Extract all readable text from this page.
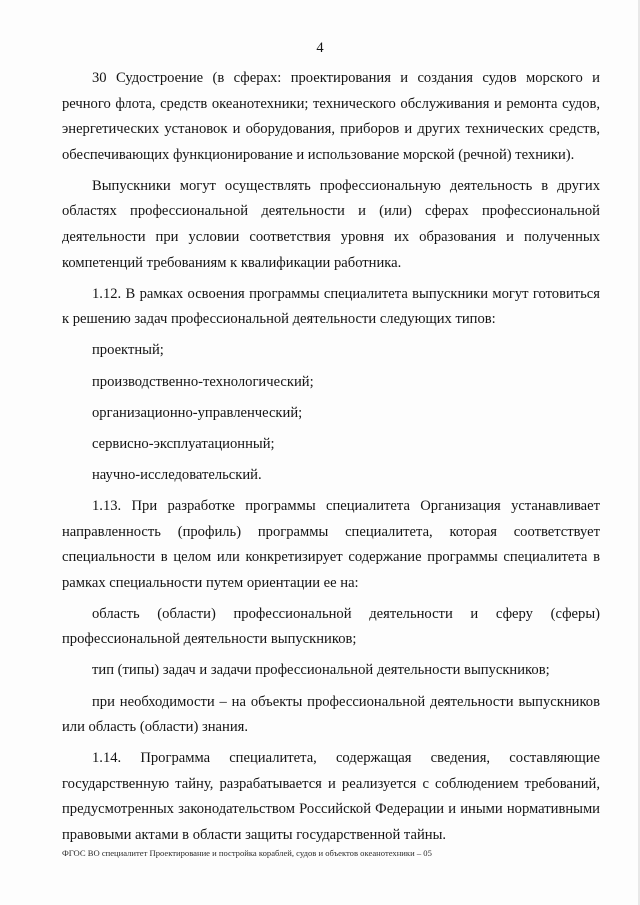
4

30 Судостроение (в сферах: проектирования и создания судов морского и речного флота, средств океанотехники; технического обслуживания и ремонта судов, энергетических установок и оборудования, приборов и других технических средств, обеспечивающих функционирование и использование морской (речной) техники).

Выпускники могут осуществлять профессиональную деятельность в других областях профессиональной деятельности и (или) сферах профессиональной деятельности при условии соответствия уровня их образования и полученных компетенций требованиям к квалификации работника.

1.12. В рамках освоения программы специалитета выпускники могут готовиться к решению задач профессиональной деятельности следующих типов:

проектный;

производственно-технологический;

организационно-управленческий;

сервисно-эксплуатационный;

научно-исследовательский.

1.13. При разработке программы специалитета Организация устанавливает направленность (профиль) программы специалитета, которая соответствует специальности в целом или конкретизирует содержание программы специалитета в рамках специальности путем ориентации ее на:

область (области) профессиональной деятельности и сферу (сферы) профессиональной деятельности выпускников;

тип (типы) задач и задачи профессиональной деятельности выпускников;

при необходимости – на объекты профессиональной деятельности выпускников или область (области) знания.

1.14. Программа специалитета, содержащая сведения, составляющие государственную тайну, разрабатывается и реализуется с соблюдением требований, предусмотренных законодательством Российской Федерации и иными нормативными правовыми актами в области защиты государственной тайны.

ФГОС ВО специалитет Проектирование и постройка кораблей, судов и объектов океанотехники – 05
